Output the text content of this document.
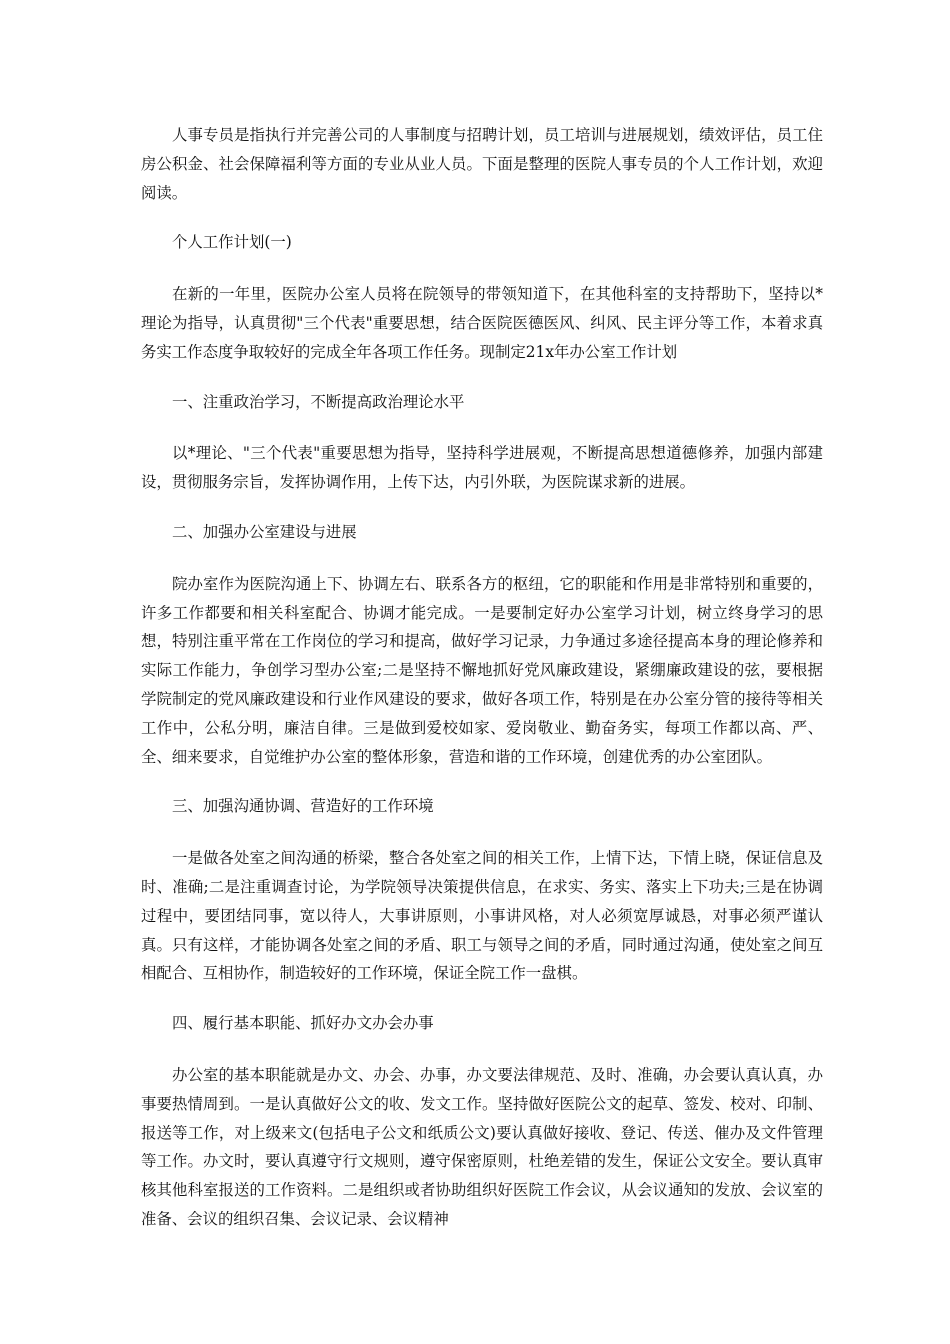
人事专员是指执行并完善公司的人事制度与招聘计划，员工培训与进展规划，绩效评估，员工住房公积金、社会保障福利等方面的专业从业人员。下面是整理的医院人事专员的个人工作计划，欢迎阅读。

个人工作计划(一)

在新的一年里，医院办公室人员将在院领导的带领知道下，在其他科室的支持帮助下，坚持以*理论为指导，认真贯彻"三个代表"重要思想，结合医院医德医风、纠风、民主评分等工作，本着求真务实工作态度争取较好的完成全年各项工作任务。现制定21x年办公室工作计划

一、注重政治学习，不断提高政治理论水平

以*理论、"三个代表"重要思想为指导，坚持科学进展观，不断提高思想道德修养，加强内部建设，贯彻服务宗旨，发挥协调作用，上传下达，内引外联，为医院谋求新的进展。

二、加强办公室建设与进展

院办室作为医院沟通上下、协调左右、联系各方的枢纽，它的职能和作用是非常特别和重要的，许多工作都要和相关科室配合、协调才能完成。一是要制定好办公室学习计划，树立终身学习的思想，特别注重平常在工作岗位的学习和提高，做好学习记录，力争通过多途径提高本身的理论修养和实际工作能力，争创学习型办公室;二是坚持不懈地抓好党风廉政建设，紧绷廉政建设的弦，要根据学院制定的党风廉政建设和行业作风建设的要求，做好各项工作，特别是在办公室分管的接待等相关工作中，公私分明，廉洁自律。三是做到爱校如家、爱岗敬业、勤奋务实，每项工作都以高、严、全、细来要求，自觉维护办公室的整体形象，营造和谐的工作环境，创建优秀的办公室团队。

三、加强沟通协调、营造好的工作环境

一是做各处室之间沟通的桥梁，整合各处室之间的相关工作，上情下达，下情上晓，保证信息及时、准确;二是注重调查讨论，为学院领导决策提供信息，在求实、务实、落实上下功夫;三是在协调过程中，要团结同事，宽以待人，大事讲原则，小事讲风格，对人必须宽厚诚恳，对事必须严谨认真。只有这样，才能协调各处室之间的矛盾、职工与领导之间的矛盾，同时通过沟通，使处室之间互相配合、互相协作，制造较好的工作环境，保证全院工作一盘棋。

四、履行基本职能、抓好办文办会办事

办公室的基本职能就是办文、办会、办事，办文要法律规范、及时、准确，办会要认真认真，办事要热情周到。一是认真做好公文的收、发文工作。坚持做好医院公文的起草、签发、校对、印制、报送等工作，对上级来文(包括电子公文和纸质公文)要认真做好接收、登记、传送、催办及文件管理等工作。办文时，要认真遵守行文规则，遵守保密原则，杜绝差错的发生，保证公文安全。要认真审核其他科室报送的工作资料。二是组织或者协助组织好医院工作会议，从会议通知的发放、会议室的准备、会议的组织召集、会议记录、会议精神
